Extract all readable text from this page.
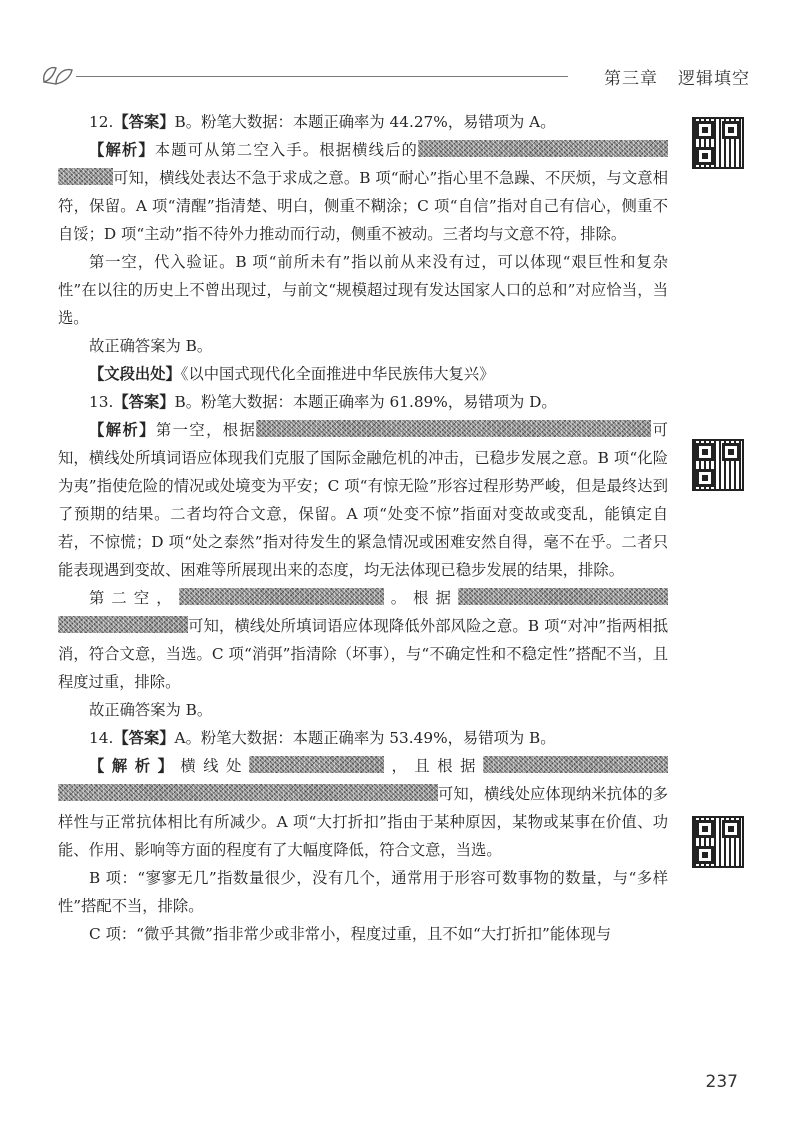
第三章 逻辑填空

12.【答案】B。粉笔大数据：本题正确率为 44.27%，易错项为 A。

【解析】本题可从第二空入手。根据横线后的可知，横线处表达不急于求成之意。B 项“耐心”指心里不急躁、不厌烦，与文意相符，保留。A 项“清醒”指清楚、明白，侧重不糊涂；C 项“自信”指对自己有信心，侧重不自馁；D 项“主动”指不待外力推动而行动，侧重不被动。三者均与文意不符，排除。

第一空，代入验证。B 项“前所未有”指以前从来没有过，可以体现“艰巨性和复杂性”在以往的历史上不曾出现过，与前文“规模超过现有发达国家人口的总和”对应恰当，当选。

故正确答案为 B。

【文段出处】《以中国式现代化全面推进中华民族伟大复兴》

13.【答案】B。粉笔大数据：本题正确率为 61.89%，易错项为 D。

【解析】第一空，根据	可知，横线处所填词语应体现我们克服了国际金融危机的冲击，已稳步发展之意。B 项“化险为夷”指使危险的情况或处境变为平安；C 项“有惊无险”形容过程形势严峻，但是最终达到了预期的结果。二者均符合文意，保留。A 项“处变不惊”指面对变故或变乱，能镇定自若，不惊慌；D 项“处之泰然”指对待发生的紧急情况或困难安然自得，毫不在乎。二者只能表现遇到变故、困难等所展现出来的态度，均无法体现已稳步发展的结果，排除。

第二空，	。根据可知，横线处所填词语应体现降低外部风险之意。B 项“对冲”指两相抵消，符合文意，当选。C 项“消弭”指清除（坏事），与“不确定性和不稳定性”搭配不当，且程度过重，排除。

故正确答案为 B。

14.【答案】A。粉笔大数据：本题正确率为 53.49%，易错项为 B。

【解析】横线处	，且根据可知，横线处应体现纳米抗体的多样性与正常抗体相比有所减少。A 项“大打折扣”指由于某种原因，某物或某事在价值、功能、作用、影响等方面的程度有了大幅度降低，符合文意，当选。

B 项：“寥寥无几”指数量很少，没有几个，通常用于形容可数事物的数量，与“多样性”搭配不当，排除。

C 项：“微乎其微”指非常少或非常小，程度过重，且不如“大打折扣”能体现与

237
